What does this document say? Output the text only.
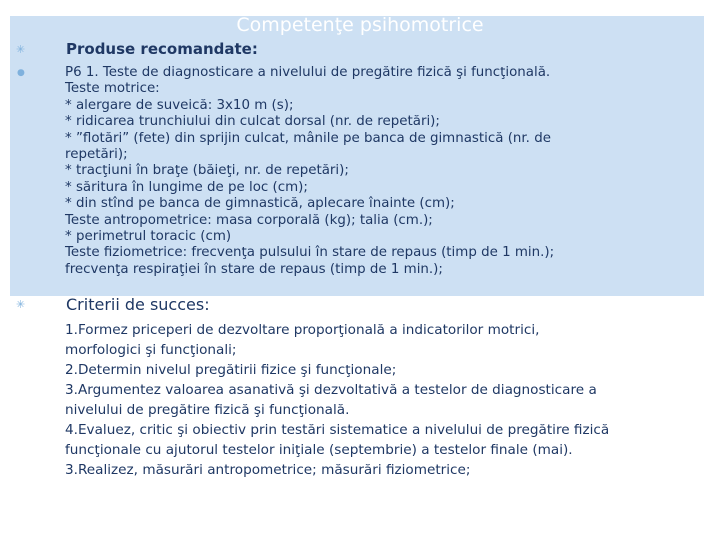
Competenţe psihomotrice
✳	Produse recomandate:
●	P6 1. Teste de diagnosticare a nivelului de pregătire fizică şi funcţională.
Teste motrice:
* alergare de suveică: 3x10 m (s);
* ridicarea trunchiului din culcat dorsal (nr. de repetări);
* ”flotări” (fete) din sprijin culcat, mânile pe banca de gimnastică (nr. de
repetări);
* tracţiuni în braţe (băieţi, nr. de repetări);
* săritura în lungime de pe loc (cm);
* din stînd pe banca de gimnastică, aplecare înainte (cm);
Teste antropometrice: masa corporală (kg); talia (cm.);
* perimetrul toracic (cm)
Teste fiziometrice: frecvenţa pulsului în stare de repaus (timp de 1 min.);
frecvenţa respiraţiei în stare de repaus (timp de 1 min.);
✳	Criterii de succes:
1.Formez priceperi de dezvoltare proporţională a indicatorilor motrici,
morfologici şi funcţionali;
2.Determin nivelul pregătirii fizice şi funcţionale;
3.Argumentez valoarea asanativă şi dezvoltativă a testelor de diagnosticare a
nivelului de pregătire fizică şi funcţională.
4.Evaluez, critic şi obiectiv prin testări sistematice a nivelului de pregătire fizică
funcţionale cu ajutorul testelor iniţiale (septembrie) a testelor finale (mai).
3.Realizez, măsurări antropometrice; măsurări fiziometrice;
